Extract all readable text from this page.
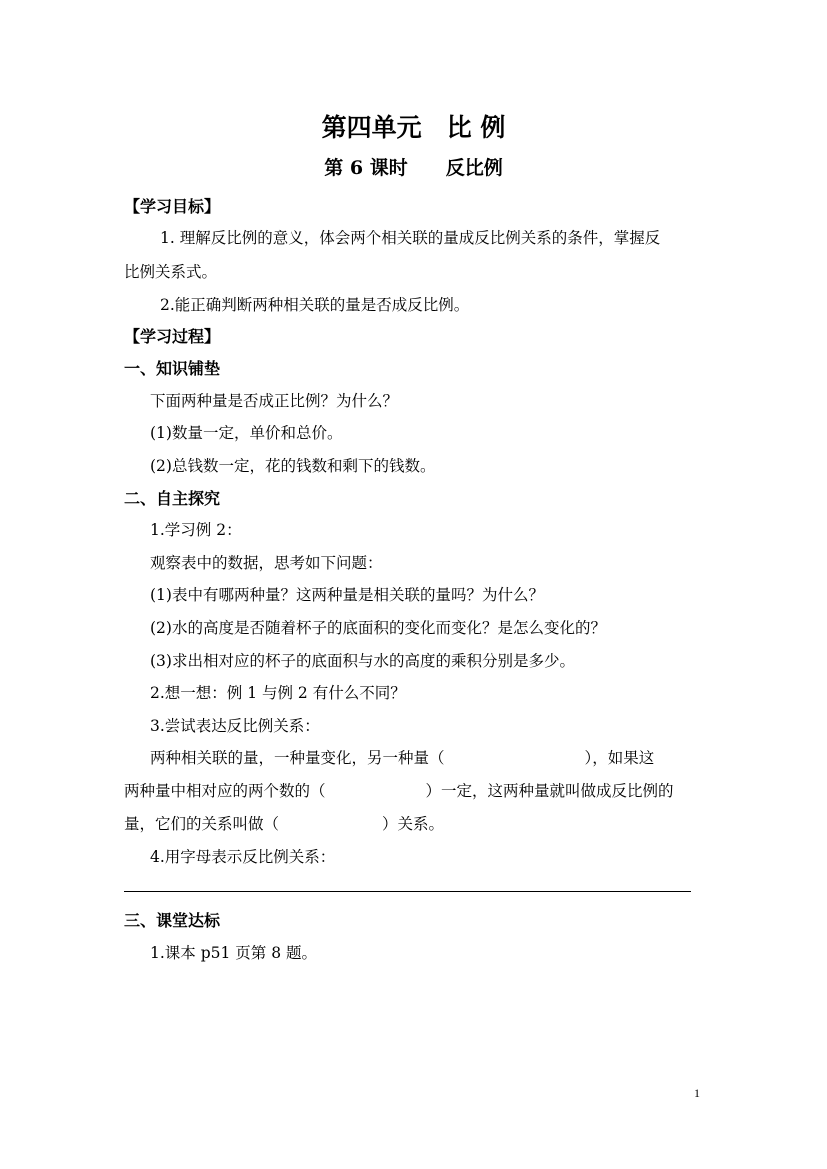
第四单元　比 例
第 6 课时　　反比例
【学习目标】
1. 理解反比例的意义，体会两个相关联的量成反比例关系的条件，掌握反
比例关系式。
2.能正确判断两种相关联的量是否成反比例。
【学习过程】
一、知识铺垫
下面两种量是否成正比例？为什么？
(1)数量一定，单价和总价。
(2)总钱数一定，花的钱数和剩下的钱数。
二、自主探究
1.学习例 2：
观察表中的数据，思考如下问题：
(1)表中有哪两种量？这两种量是相关联的量吗？为什么？
(2)水的高度是否随着杯子的底面积的变化而变化？是怎么变化的？
(3)求出相对应的杯子的底面积与水的高度的乘积分别是多少。
2.想一想：例 1 与例 2 有什么不同？
3.尝试表达反比例关系：
两种相关联的量，一种量变化，另一种量（	），如果这
两种量中相对应的两个数的（	）一定，这两种量就叫做成反比例的
量，它们的关系叫做（	）关系。
4.用字母表示反比例关系：
三、课堂达标
1.课本 p51 页第 8 题。
1
